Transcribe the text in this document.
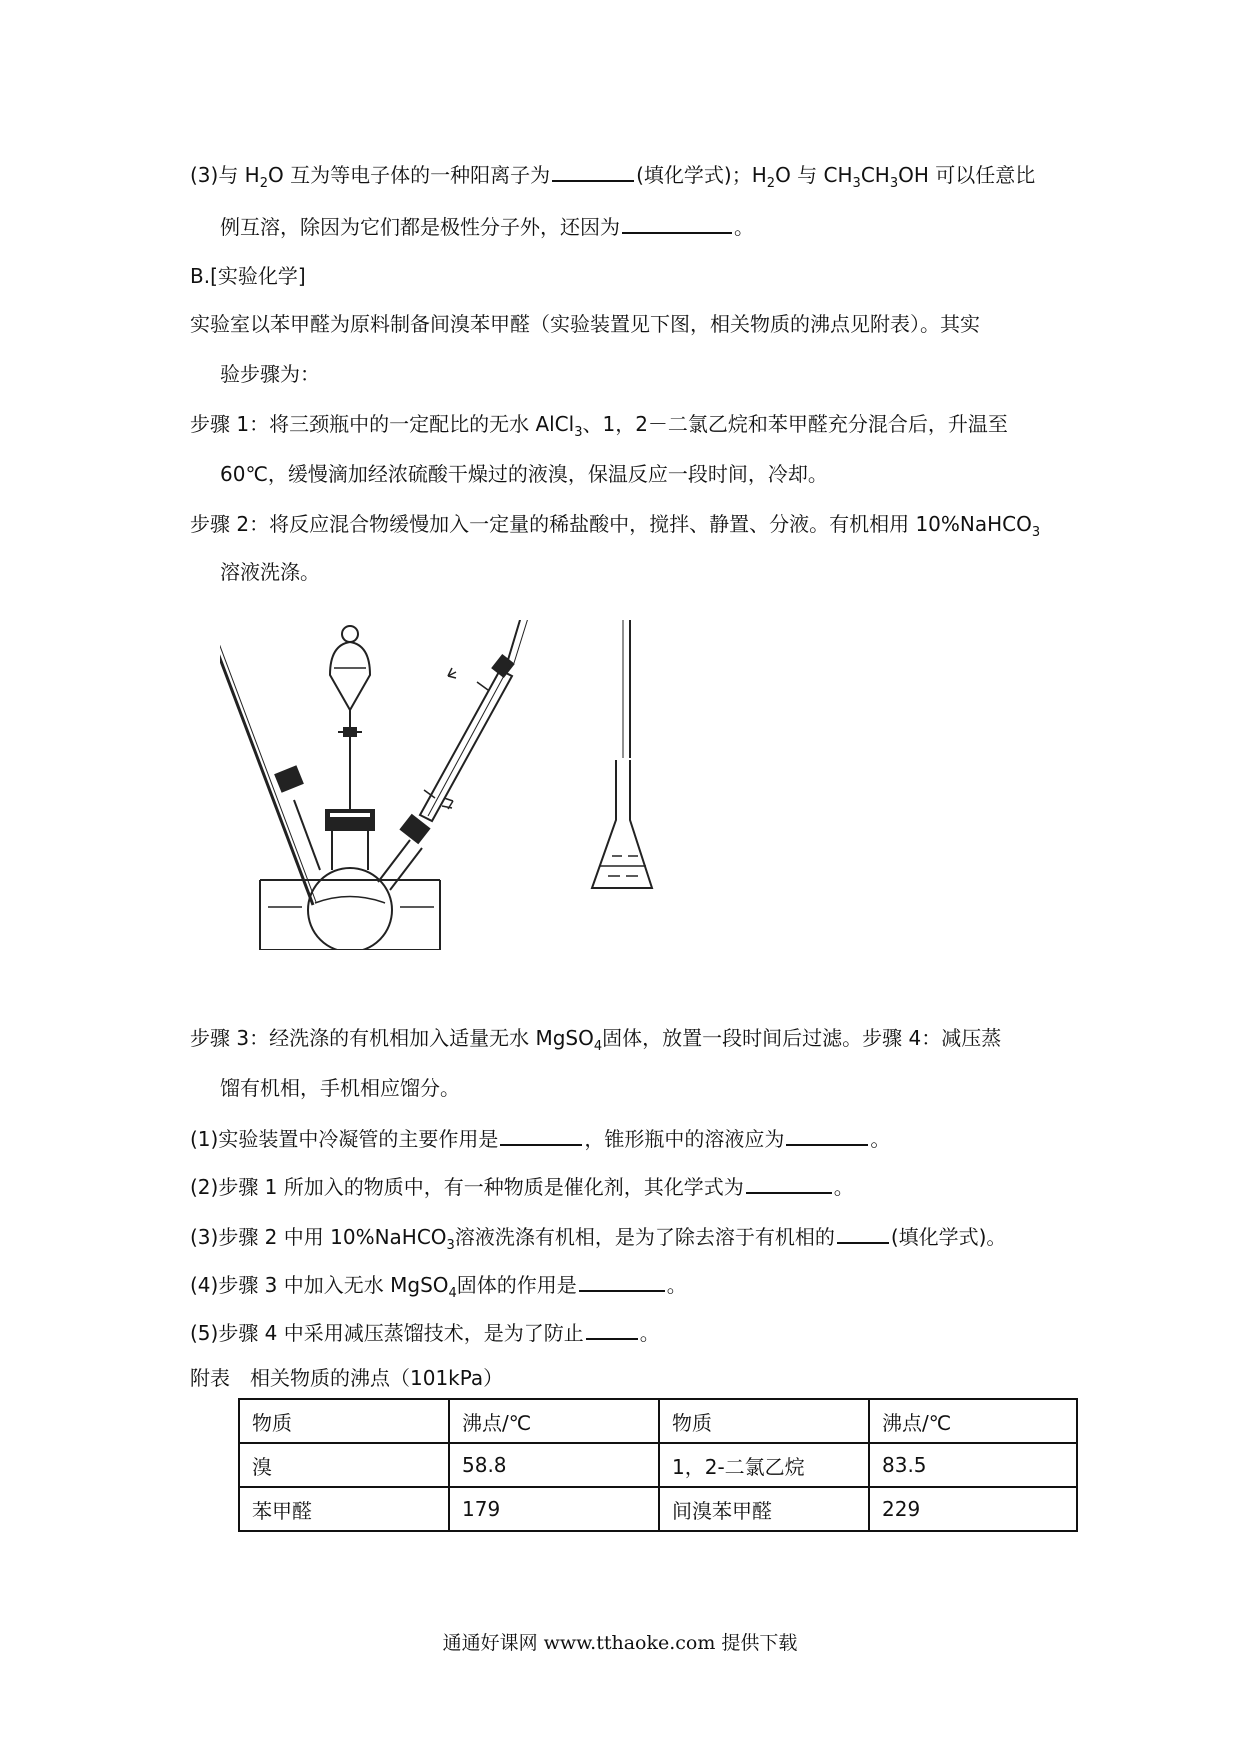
(3)与 $H_2O$ 互为等电子体的一种阳离子为	(填化学式)；$H_2O$ 与 $CH_3CH_3OH$ 可以任意比
例互溶，除因为它们都是极性分子外，还因为	。
B.[实验化学]
实验室以苯甲醛为原料制备间溴苯甲醛（实验装置见下图，相关物质的沸点见附表）。其实
验步骤为：
步骤 1：将三颈瓶中的一定配比的无水 AlCl$_3$、1，2－二氯乙烷和苯甲醛充分混合后，升温至
60℃，缓慢滴加经浓硫酸干燥过的液溴，保温反应一段时间，冷却。
步骤 2：将反应混合物缓慢加入一定量的稀盐酸中，搅拌、静置、分液。有机相用 10%NaHCO$_3$
溶液洗涤。
步骤 3：经洗涤的有机相加入适量无水 MgSO$_4$固体，放置一段时间后过滤。步骤 4：减压蒸
馏有机相，手机相应馏分。
(1)实验装置中冷凝管的主要作用是	，锥形瓶中的溶液应为	。
(2)步骤 1 所加入的物质中，有一种物质是催化剂，其化学式为	。
(3)步骤 2 中用 10%NaHCO$_3$溶液洗涤有机相，是为了除去溶于有机相的	(填化学式)。
(4)步骤 3 中加入无水 MgSO$_4$固体的作用是	。
(5)步骤 4 中采用减压蒸馏技术，是为了防止	。
附表　相关物质的沸点（101kPa）
物质	沸点/℃	物质	沸点/℃
溴	58.8	1，2-二氯乙烷	83.5
苯甲醛	179	间溴苯甲醛	229
通通好课网 www.tthaoke.com 提供下载
